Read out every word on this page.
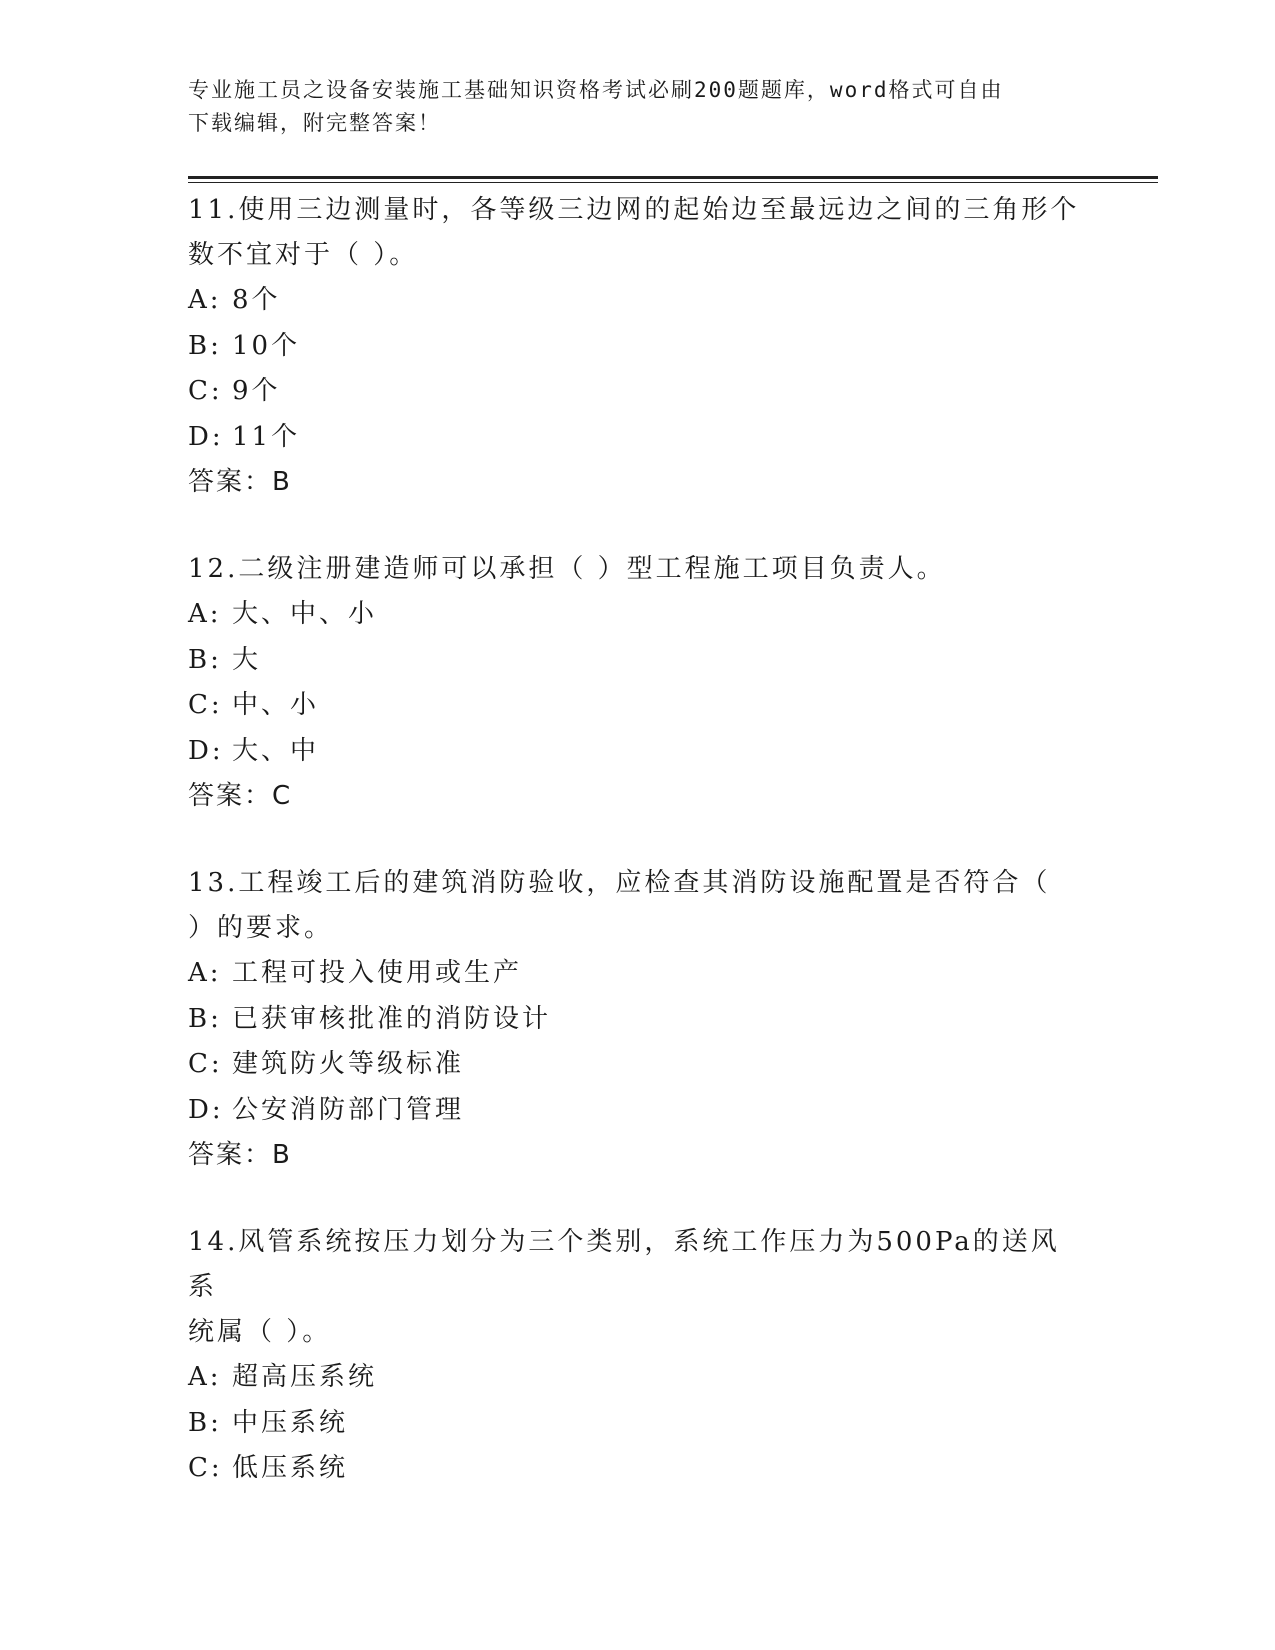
专业施工员之设备安装施工基础知识资格考试必刷200题题库，word格式可自由
下载编辑，附完整答案！

11.使用三边测量时，各等级三边网的起始边至最远边之间的三角形个

数不宜对于（ ）。

A: 8个
B: 10个
C: 9个
D: 11个
答案：B

12.二级注册建造师可以承担（ ）型工程施工项目负责人。

A: 大、中、小
B: 大
C: 中、小
D: 大、中
答案：C

13.工程竣工后的建筑消防验收，应检查其消防设施配置是否符合（

）的要求。

A: 工程可投入使用或生产
B: 已获审核批准的消防设计
C: 建筑防火等级标准
D: 公安消防部门管理
答案：B

14.风管系统按压力划分为三个类别，系统工作压力为500Pa的送风系

统属（ ）。

A: 超高压系统
B: 中压系统
C: 低压系统
